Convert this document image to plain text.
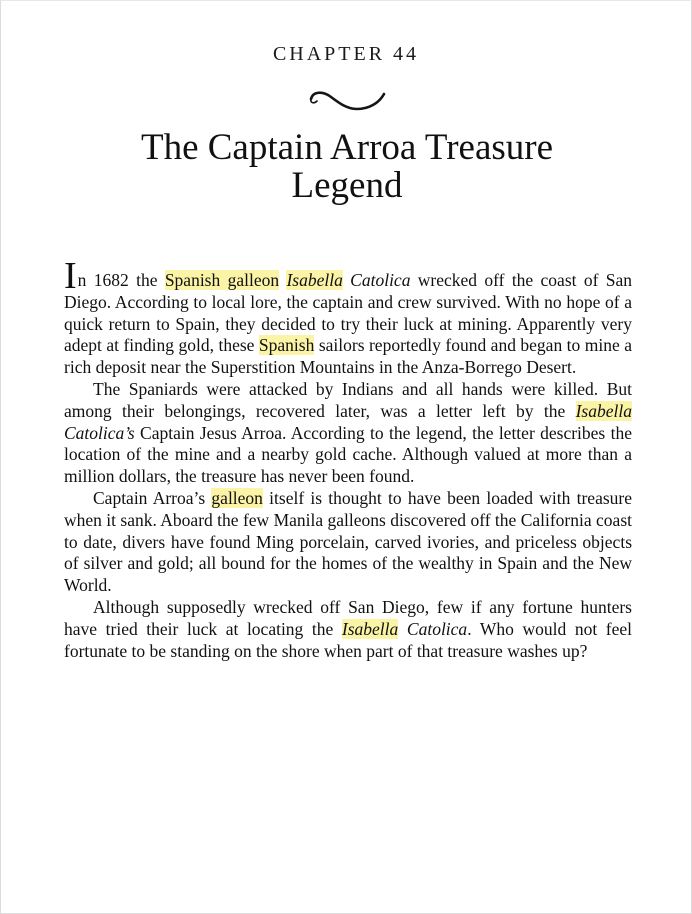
CHAPTER 44
The Captain Arroa Treasure
Legend

In 1682 the Spanish galleon Isabella Catolica wrecked off the coast of San Diego. According to local lore, the captain and crew survived. With no hope of a quick return to Spain, they decided to try their luck at mining. Apparently very adept at finding gold, these Spanish sailors reportedly found and began to mine a rich deposit near the Superstition Mountains in the Anza-Borrego Desert.

The Spaniards were attacked by Indians and all hands were killed. But among their belongings, recovered later, was a letter left by the Isabella Catolica’s Captain Jesus Arroa. According to the legend, the letter describes the location of the mine and a nearby gold cache. Although valued at more than a million dollars, the treasure has never been found.

Captain Arroa’s galleon itself is thought to have been loaded with treasure when it sank. Aboard the few Manila galleons discovered off the California coast to date, divers have found Ming porcelain, carved ivories, and priceless objects of silver and gold; all bound for the homes of the wealthy in Spain and the New World.

Although supposedly wrecked off San Diego, few if any fortune hunters have tried their luck at locating the Isabella Catolica. Who would not feel fortunate to be standing on the shore when part of that treasure washes up?
